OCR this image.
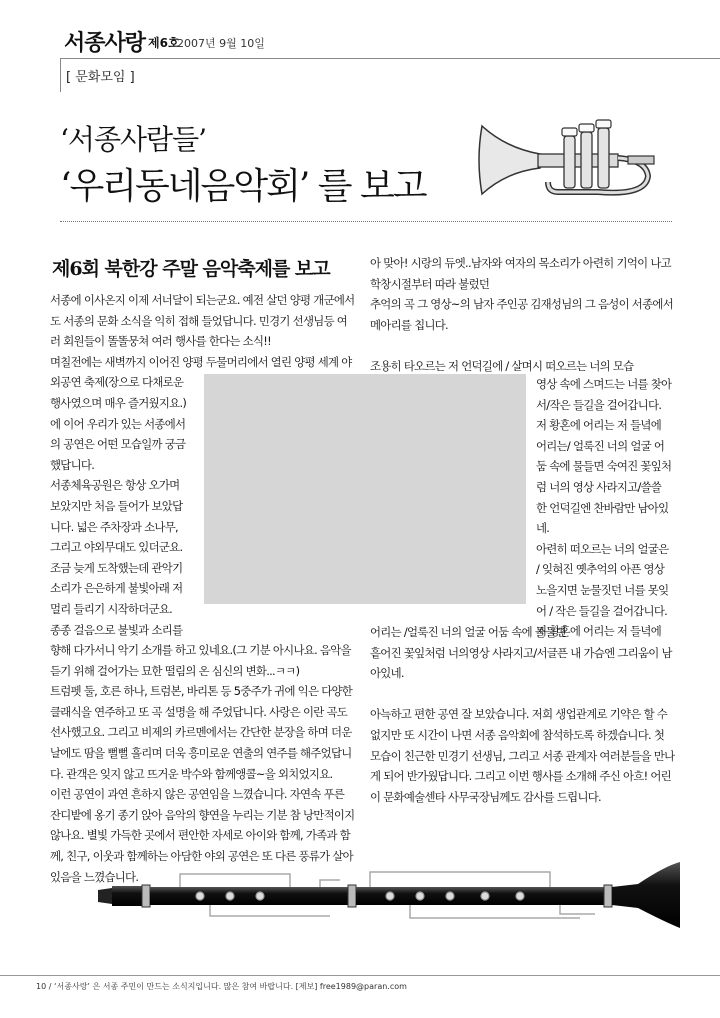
서종사랑 제6호
2007년 9월 10일
[ 문화모임 ]
‘서종사람들’
‘우리동네음악회’ 를 보고
제6회 북한강 주말 음악축제를 보고
서종에 이사온지 이제 서너달이 되는군요. 예전 살던 양평 개군에서
도 서종의 문화 소식을 익히 접해 들었답니다. 민경기 선생님등 여
러 회원들이 똘똘뭉쳐 여러 행사를 한다는 소식!!
며칠전에는 새벽까지 이어진 양평 두물머리에서 열린 양평 세계 야
외공연 축제(장으로 다채로운
행사였으며 매우 즐거웠지요.)
에 이어 우리가 있는 서종에서
의 공연은 어떤 모습일까 궁금
했답니다.
서종체육공원은 항상 오가며
보았지만 처음 들어가 보았답
니다. 넓은 주차장과 소나무,
그리고 야외무대도 있더군요.
조금 늦게 도착했는데 관악기
소리가 은은하게 불빛아래 저
멀리 들리기 시작하더군요.
종종 걸음으로 불빛과 소리를
향해 다가서니 악기 소개를 하고 있네요.(그 기분 아시나요. 음악을
듣기 위해 걸어가는 묘한 떨림의 온 심신의 변화...ㅋㅋ)
트럼펫 둘, 호른 하나, 트럼본, 바리톤 등 5중주가 귀에 익은 다양한
클래식을 연주하고 또 곡 설명을 해 주었답니다. 사랑은 이란 곡도
선사했고요. 그리고 비제의 카르멘에서는 간단한 분장을 하며 더운
날에도 땀을 뻘뻘 흘리며 더욱 흥미로운 연출의 연주를 해주었답니
다. 관객은 잊지 않고 뜨거운 박수와 함께앵콜~을 외치었지요.
이런 공연이 과연 흔하지 않은 공연임을 느꼈습니다. 자연속 푸른
잔디밭에 옹기 종기 앉아 음악의 향연을 누리는 기분 참 낭만적이지
않나요. 별빛 가득한 곳에서 편안한 자세로 아이와 함께, 가족과 함
께, 친구, 이웃과 함께하는 아담한 야외 공연은 또 다른 풍류가 살아
있음을 느꼈습니다.
아 맞아! 시랑의 듀엣..남자와 여자의 목소리가 아련히 기억이 나고
학창시절부터 따라 불렀던
추억의 곡 그 영상~의 남자 주인공 김재성님의 그 음성이 서종에서
메아리를 칩니다.
조용히 타오르는 저 언덕길에 / 살며시 떠오르는 너의 모습
영상 속에 스며드는 너를 찾아
서/작은 들길을 걸어갑니다.
저 황혼에 어리는 저 들녘에
어리는/ 얼룩진 너의 얼굴 어
둠 속에 물들면 숙여진 꽃잎처
럼 너의 영상 사라지고/쓸쓸
한 언덕길엔 찬바람만 남아있
네.
아련히 떠오르는 너의 얼굴은
/ 잊혀진 옛추억의 아픈 영상
노을지면 눈물짓던 너를 못잊
어 / 작은 들길을 걸어갑니다.
저 황혼에 어리는 저 들녁에
어리는 /얼룩진 너의 얼굴 어둠 속에 물들면
흩어진 꽃잎처럼 너의영상 사라지고/서글픈 내 가슴엔 그리움이 남
아있네.
아늑하고 편한 공연 잘 보았습니다. 저희 생업관계로 기약은 할 수
없지만 또 시간이 나면 서종 음악회에 참석하도록 하겠습니다. 첫
모습이 친근한 민경기 선생님, 그리고 서종 관계자 여러분들을 만나
게 되어 반가웠답니다. 그리고 이번 행사를 소개해 주신 아흐! 어린
이 문화예술센타 사무국장님께도 감사를 드립니다.
10 / ‘서종사랑’ 은 서종 주민이 만드는 소식지입니다. 많은 참여 바랍니다. [제보] free1989@paran.com
